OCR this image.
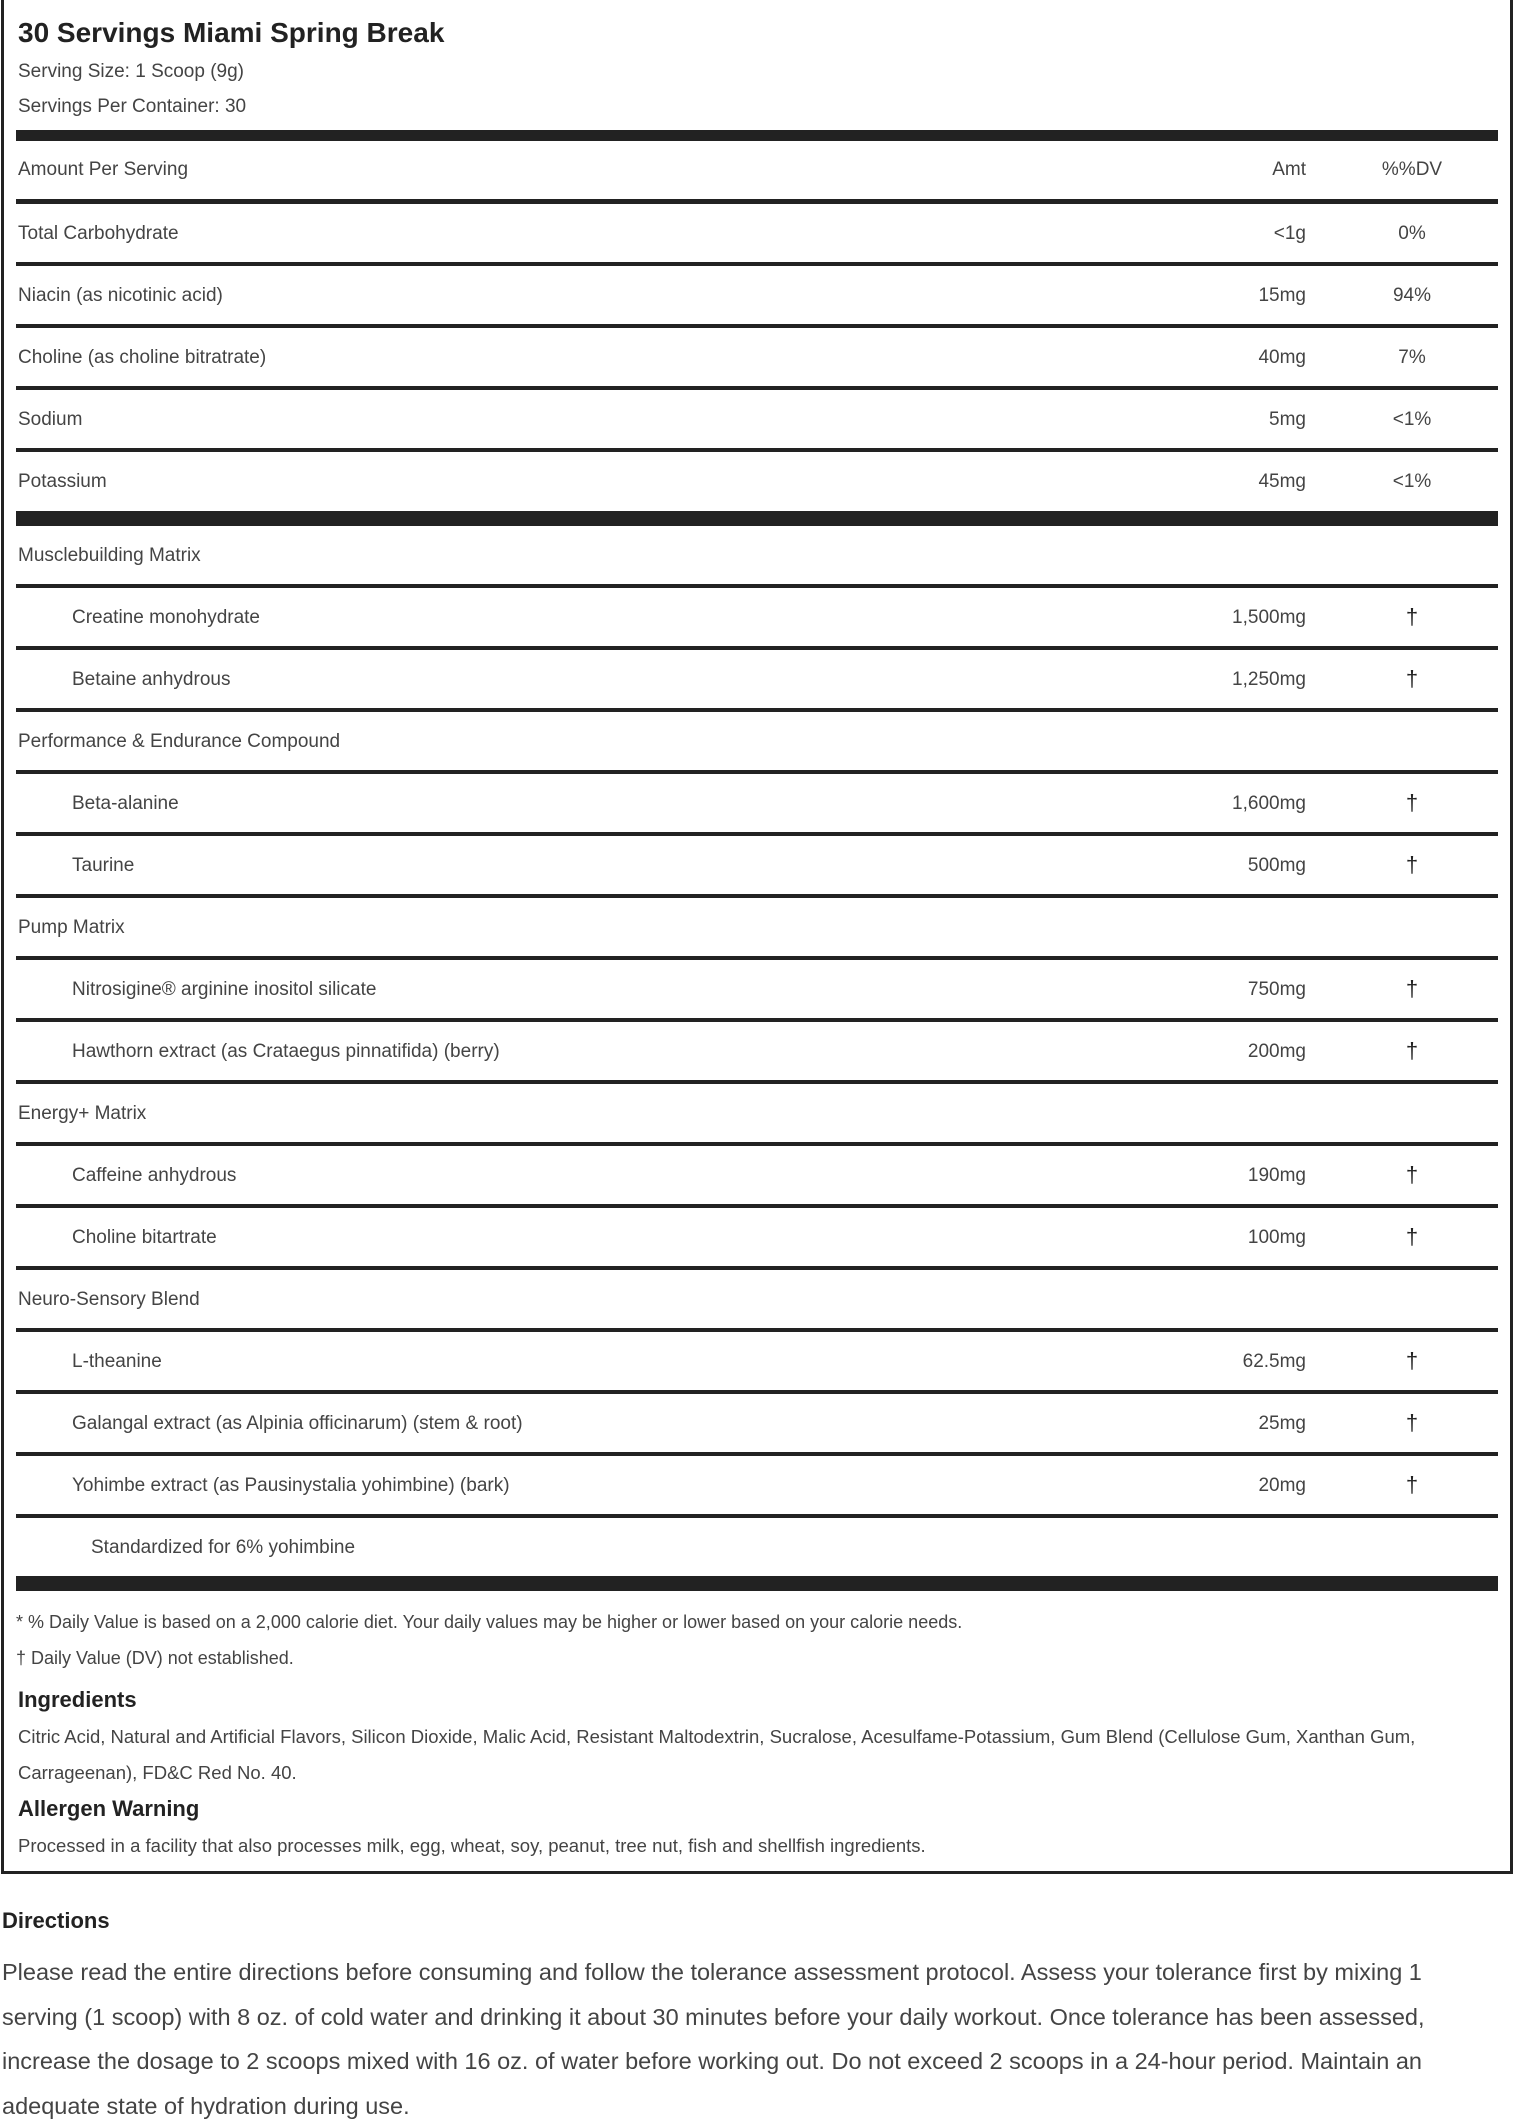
30 Servings Miami Spring Break
Serving Size: 1 Scoop (9g)
Servings Per Container: 30
Amount Per Serving	Amt	%%DV
Total Carbohydrate	<1g	0%
Niacin (as nicotinic acid)	15mg	94%
Choline (as choline bitratrate)	40mg	7%
Sodium	5mg	<1%
Potassium	45mg	<1%
Musclebuilding Matrix
Creatine monohydrate	1,500mg	†
Betaine anhydrous	1,250mg	†
Performance & Endurance Compound
Beta-alanine	1,600mg	†
Taurine	500mg	†
Pump Matrix
Nitrosigine® arginine inositol silicate	750mg	†
Hawthorn extract (as Crataegus pinnatifida) (berry)	200mg	†
Energy+ Matrix
Caffeine anhydrous	190mg	†
Choline bitartrate	100mg	†
Neuro-Sensory Blend
L-theanine	62.5mg	†
Galangal extract (as Alpinia officinarum) (stem & root)	25mg	†
Yohimbe extract (as Pausinystalia yohimbine) (bark)	20mg	†
Standardized for 6% yohimbine
* % Daily Value is based on a 2,000 calorie diet. Your daily values may be higher or lower based on your calorie needs.
† Daily Value (DV) not established.
Ingredients
Citric Acid, Natural and Artificial Flavors, Silicon Dioxide, Malic Acid, Resistant Maltodextrin, Sucralose, Acesulfame-Potassium, Gum Blend (Cellulose Gum, Xanthan Gum, Carrageenan), FD&C Red No. 40.
Allergen Warning
Processed in a facility that also processes milk, egg, wheat, soy, peanut, tree nut, fish and shellfish ingredients.
Directions
Please read the entire directions before consuming and follow the tolerance assessment protocol. Assess your tolerance first by mixing 1 serving (1 scoop) with 8 oz. of cold water and drinking it about 30 minutes before your daily workout. Once tolerance has been assessed, increase the dosage to 2 scoops mixed with 16 oz. of water before working out. Do not exceed 2 scoops in a 24-hour period. Maintain an adequate state of hydration during use.
